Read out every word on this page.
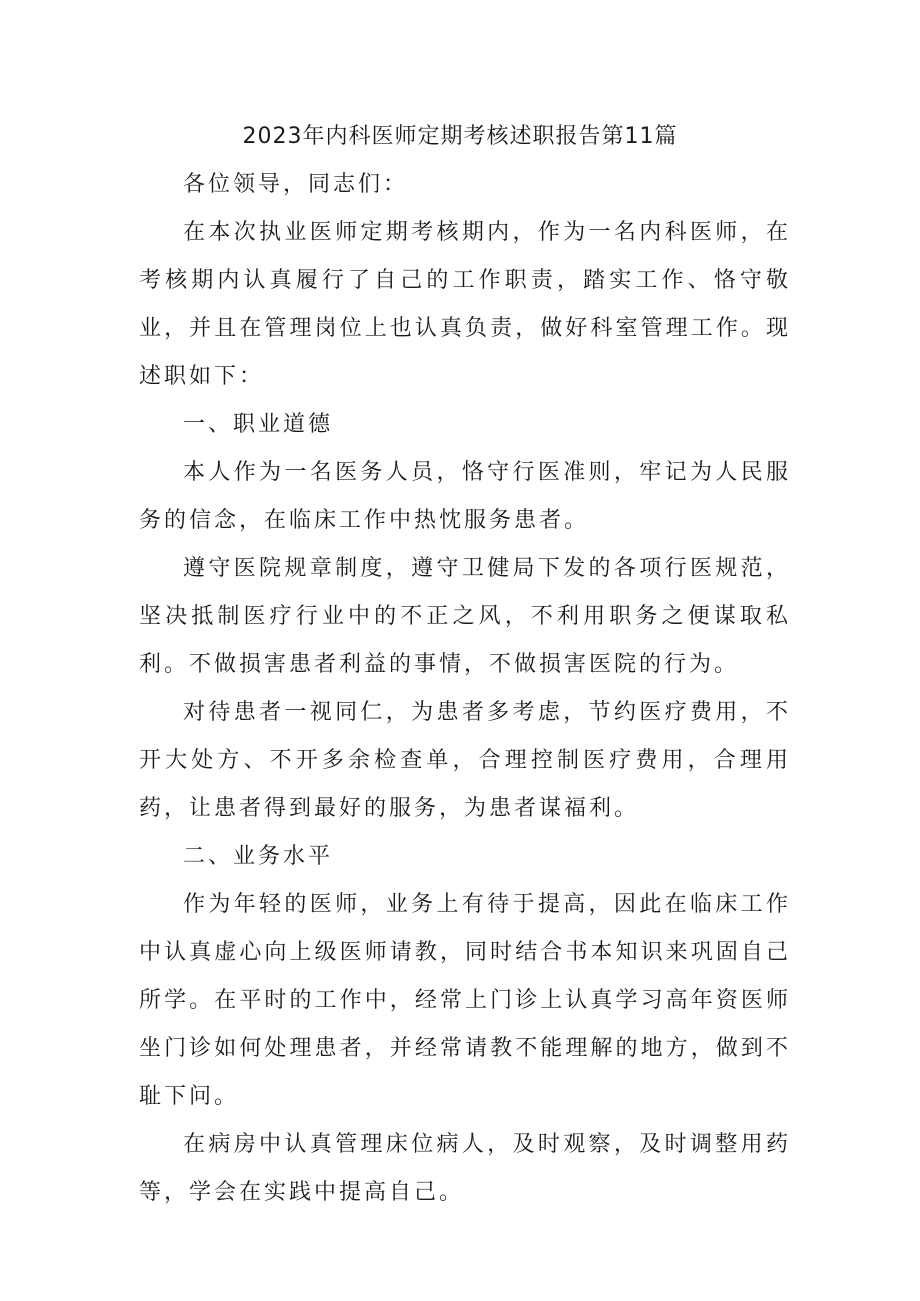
2023年内科医师定期考核述职报告第11篇

各位领导，同志们：

在本次执业医师定期考核期内，作为一名内科医师，在考核期内认真履行了自己的工作职责，踏实工作、恪守敬业，并且在管理岗位上也认真负责，做好科室管理工作。现述职如下：

一、职业道德

本人作为一名医务人员，恪守行医准则，牢记为人民服务的信念，在临床工作中热忱服务患者。

遵守医院规章制度，遵守卫健局下发的各项行医规范，坚决抵制医疗行业中的不正之风，不利用职务之便谋取私利。不做损害患者利益的事情，不做损害医院的行为。

对待患者一视同仁，为患者多考虑，节约医疗费用，不开大处方、不开多余检查单，合理控制医疗费用，合理用药，让患者得到最好的服务，为患者谋福利。

二、业务水平

作为年轻的医师，业务上有待于提高，因此在临床工作中认真虚心向上级医师请教，同时结合书本知识来巩固自己所学。在平时的工作中，经常上门诊上认真学习高年资医师坐门诊如何处理患者，并经常请教不能理解的地方，做到不耻下问。

在病房中认真管理床位病人，及时观察，及时调整用药等，学会在实践中提高自己。
